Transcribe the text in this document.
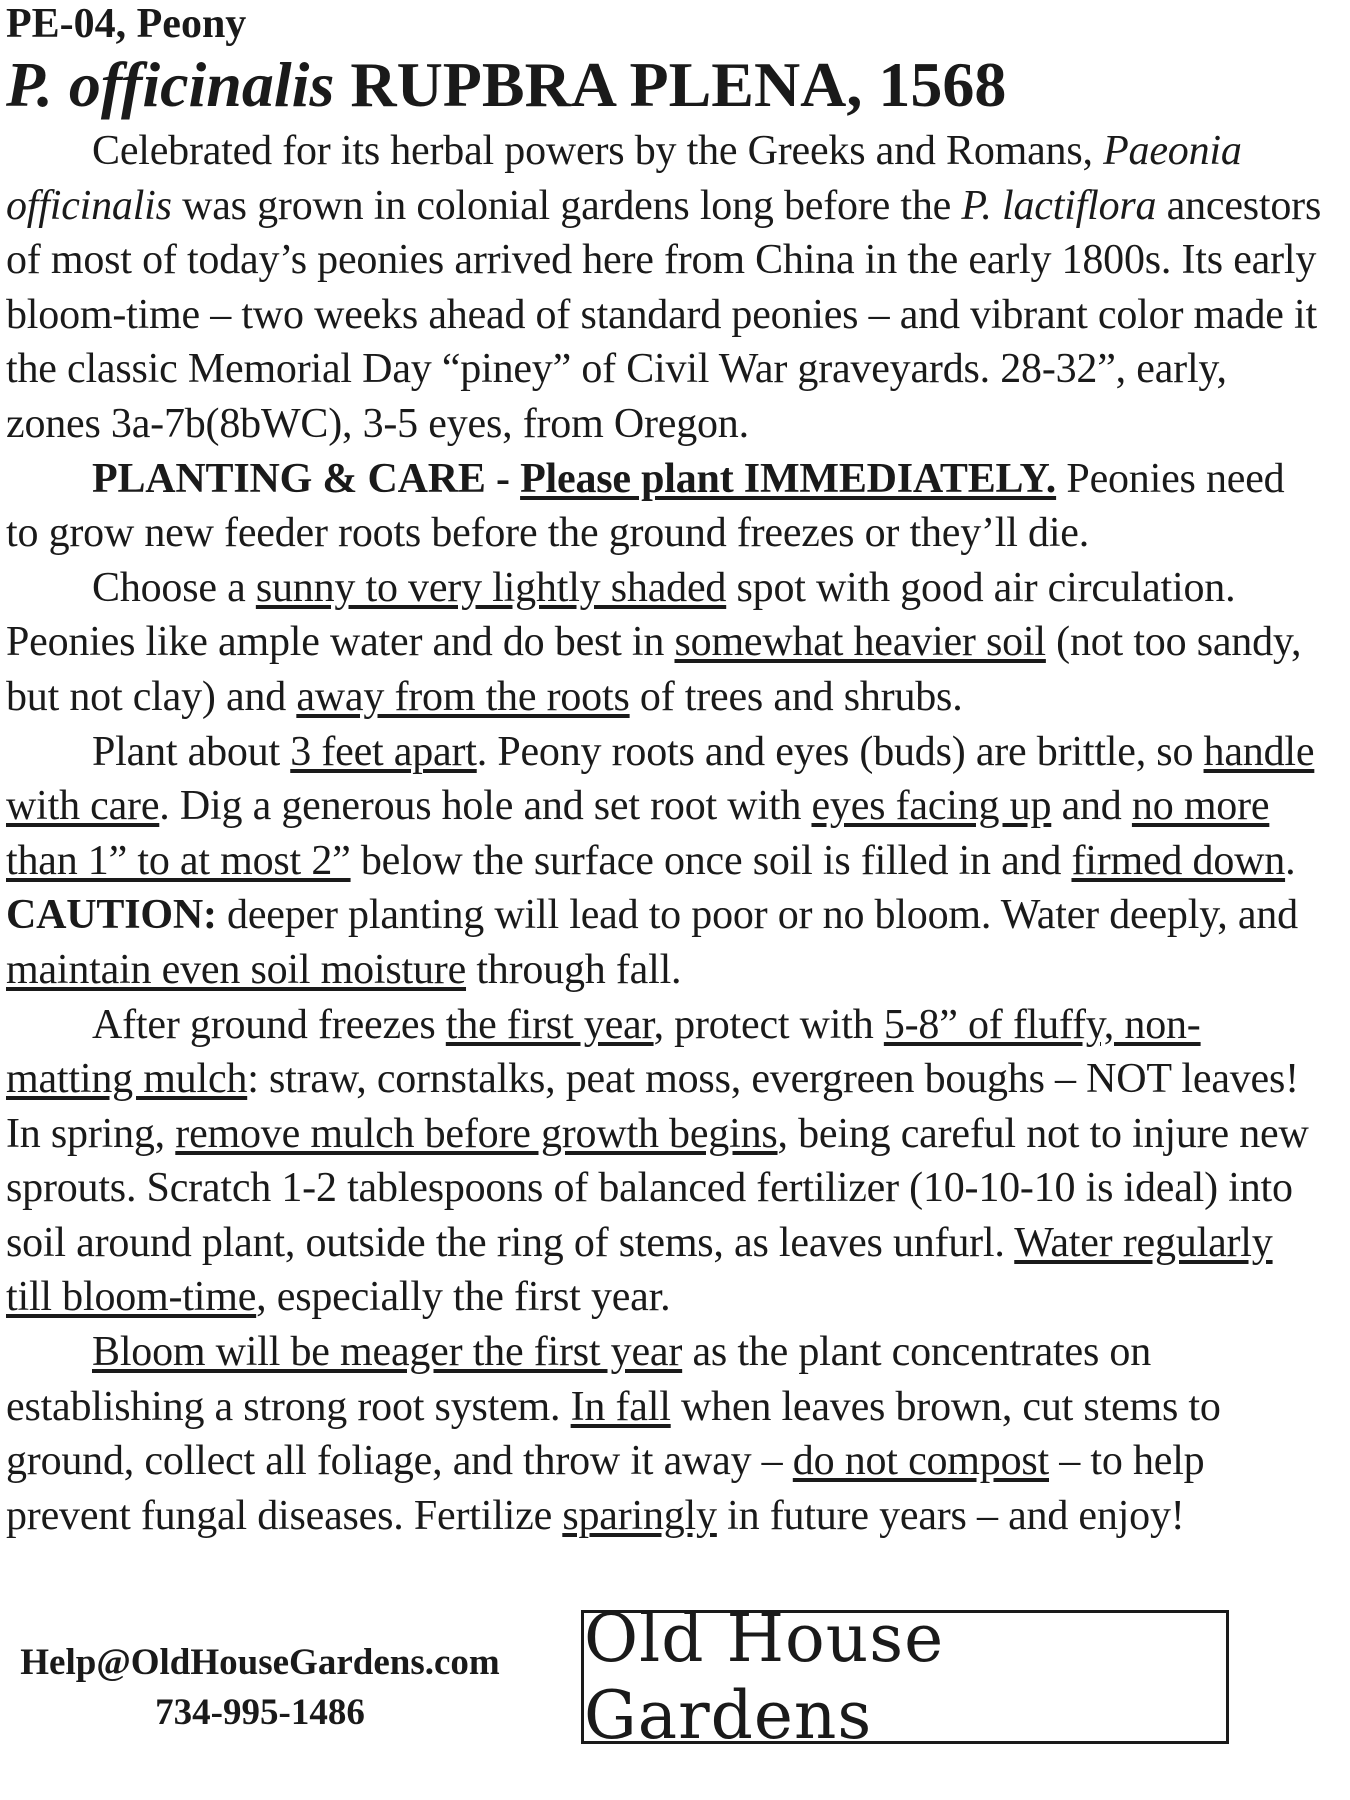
PE-04, Peony

P. officinalis RUPBRA PLENA, 1568

Celebrated for its herbal powers by the Greeks and Romans, Paeonia officinalis was grown in colonial gardens long before the P. lactiflora ancestors of most of today’s peonies arrived here from China in the early 1800s. Its early bloom-time – two weeks ahead of standard peonies – and vibrant color made it the classic Memorial Day “piney” of Civil War graveyards. 28-32”, early, zones 3a-7b(8bWC), 3-5 eyes, from Oregon.

PLANTING & CARE - Please plant IMMEDIATELY. Peonies need to grow new feeder roots before the ground freezes or they’ll die.

Choose a sunny to very lightly shaded spot with good air circulation. Peonies like ample water and do best in somewhat heavier soil (not too sandy, but not clay) and away from the roots of trees and shrubs.

Plant about 3 feet apart. Peony roots and eyes (buds) are brittle, so handle with care. Dig a generous hole and set root with eyes facing up and no more than 1” to at most 2” below the surface once soil is filled in and firmed down. CAUTION: deeper planting will lead to poor or no bloom. Water deeply, and maintain even soil moisture through fall.

After ground freezes the first year, protect with 5-8” of fluffy, non-matting mulch: straw, cornstalks, peat moss, evergreen boughs – NOT leaves! In spring, remove mulch before growth begins, being careful not to injure new sprouts. Scratch 1-2 tablespoons of balanced fertilizer (10-10-10 is ideal) into soil around plant, outside the ring of stems, as leaves unfurl. Water regularly till bloom-time, especially the first year.

Bloom will be meager the first year as the plant concentrates on establishing a strong root system. In fall when leaves brown, cut stems to ground, collect all foliage, and throw it away – do not compost – to help prevent fungal diseases. Fertilize sparingly in future years – and enjoy!

Help@OldHouseGardens.com
734-995-1486
Old House Gardens
